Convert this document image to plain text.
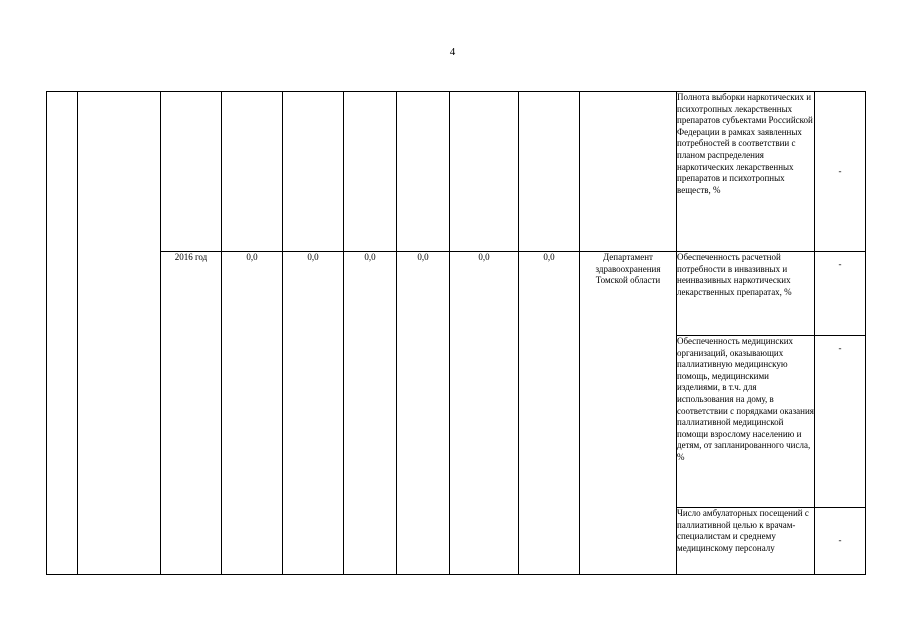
4
										Полнота выборки наркотических и психотропных лекарственных препаратов субъектами Российской Федерации в рамках заявленных потребностей в соответствии с планом распределения наркотических лекарственных препаратов и психотропных веществ, %	-
		2016 год	0,0	0,0	0,0	0,0	0,0	0,0	Департамент здравоохранения Томской области	Обеспеченность расчетной потребности в инвазивных и неинвазивных наркотических лекарственных препаратах, %	-
										Обеспеченность медицинских организаций, оказывающих паллиативную медицинскую помощь, медицинскими изделиями, в т.ч. для использования на дому, в соответствии с порядками оказания паллиативной медицинской помощи взрослому населению и детям, от запланированного числа, %	-
										Число амбулаторных посещений с паллиативной целью к врачам-специалистам и среднему медицинскому персоналу	-
